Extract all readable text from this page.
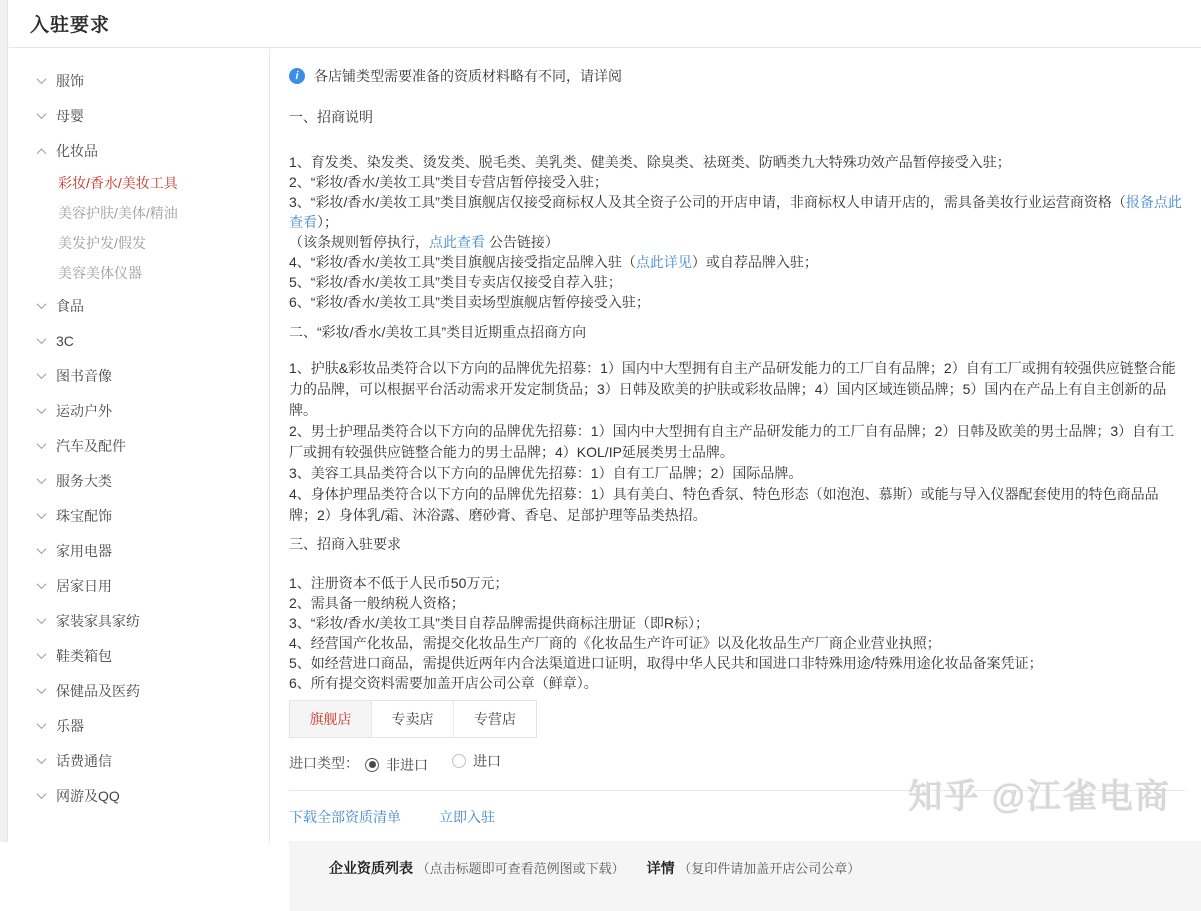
入驻要求
服饰
母婴
化妆品
彩妆/香水/美妆工具
美容护肤/美体/精油
美发护发/假发
美容美体仪器
食品
3C
图书音像
运动户外
汽车及配件
服务大类
珠宝配饰
家用电器
居家日用
家装家具家纺
鞋类箱包
保健品及医药
乐器
话费通信
网游及QQ
i	各店铺类型需要准备的资质材料略有不同，请详阅
一、招商说明
1、育发类、染发类、烫发类、脱毛类、美乳类、健美类、除臭类、祛斑类、防晒类九大特殊功效产品暂停接受入驻；
2、“彩妆/香水/美妆工具”类目专营店暂停接受入驻；
3、“彩妆/香水/美妆工具”类目旗舰店仅接受商标权人及其全资子公司的开店申请，非商标权人申请开店的，需具备美妆行业运营商资格（报备点此查看）；
（该条规则暂停执行，点此查看 公告链接）
4、“彩妆/香水/美妆工具”类目旗舰店接受指定品牌入驻（点此详见）或自荐品牌入驻；
5、“彩妆/香水/美妆工具”类目专卖店仅接受自荐入驻；
6、“彩妆/香水/美妆工具”类目卖场型旗舰店暂停接受入驻；
二、“彩妆/香水/美妆工具”类目近期重点招商方向

1、护肤&彩妆品类符合以下方向的品牌优先招募：1）国内中大型拥有自主产品研发能力的工厂自有品牌；2）自有工厂或拥有较强供应链整合能力的品牌，可以根据平台活动需求开发定制货品；3）日韩及欧美的护肤或彩妆品牌；4）国内区域连锁品牌；5）国内在产品上有自主创新的品牌。

2、男士护理品类符合以下方向的品牌优先招募：1）国内中大型拥有自主产品研发能力的工厂自有品牌；2）日韩及欧美的男士品牌；3）自有工厂或拥有较强供应链整合能力的男士品牌；4）KOL/IP延展类男士品牌。

3、美容工具品类符合以下方向的品牌优先招募：1）自有工厂品牌；2）国际品牌。

4、身体护理品类符合以下方向的品牌优先招募：1）具有美白、特色香氛、特色形态（如泡泡、慕斯）或能与导入仪器配套使用的特色商品品牌；2）身体乳/霜、沐浴露、磨砂膏、香皂、足部护理等品类热招。

三、招商入驻要求
1、注册资本不低于人民币50万元；
2、需具备一般纳税人资格；
3、“彩妆/香水/美妆工具”类目自荐品牌需提供商标注册证（即R标）；
4、经营国产化妆品，需提交化妆品生产厂商的《化妆品生产许可证》以及化妆品生产厂商企业营业执照；
5、如经营进口商品，需提供近两年内合法渠道进口证明，取得中华人民共和国进口非特殊用途/特殊用途化妆品备案凭证；
6、所有提交资料需要加盖开店公司公章（鲜章）。
旗舰店	专卖店	专营店
进口类型： 非进口	进口
下载全部资质清单	立即入驻
企业资质列表 （点击标题即可查看范例图或下载） 详情 （复印件请加盖开店公司公章）
知乎 @江雀电商
